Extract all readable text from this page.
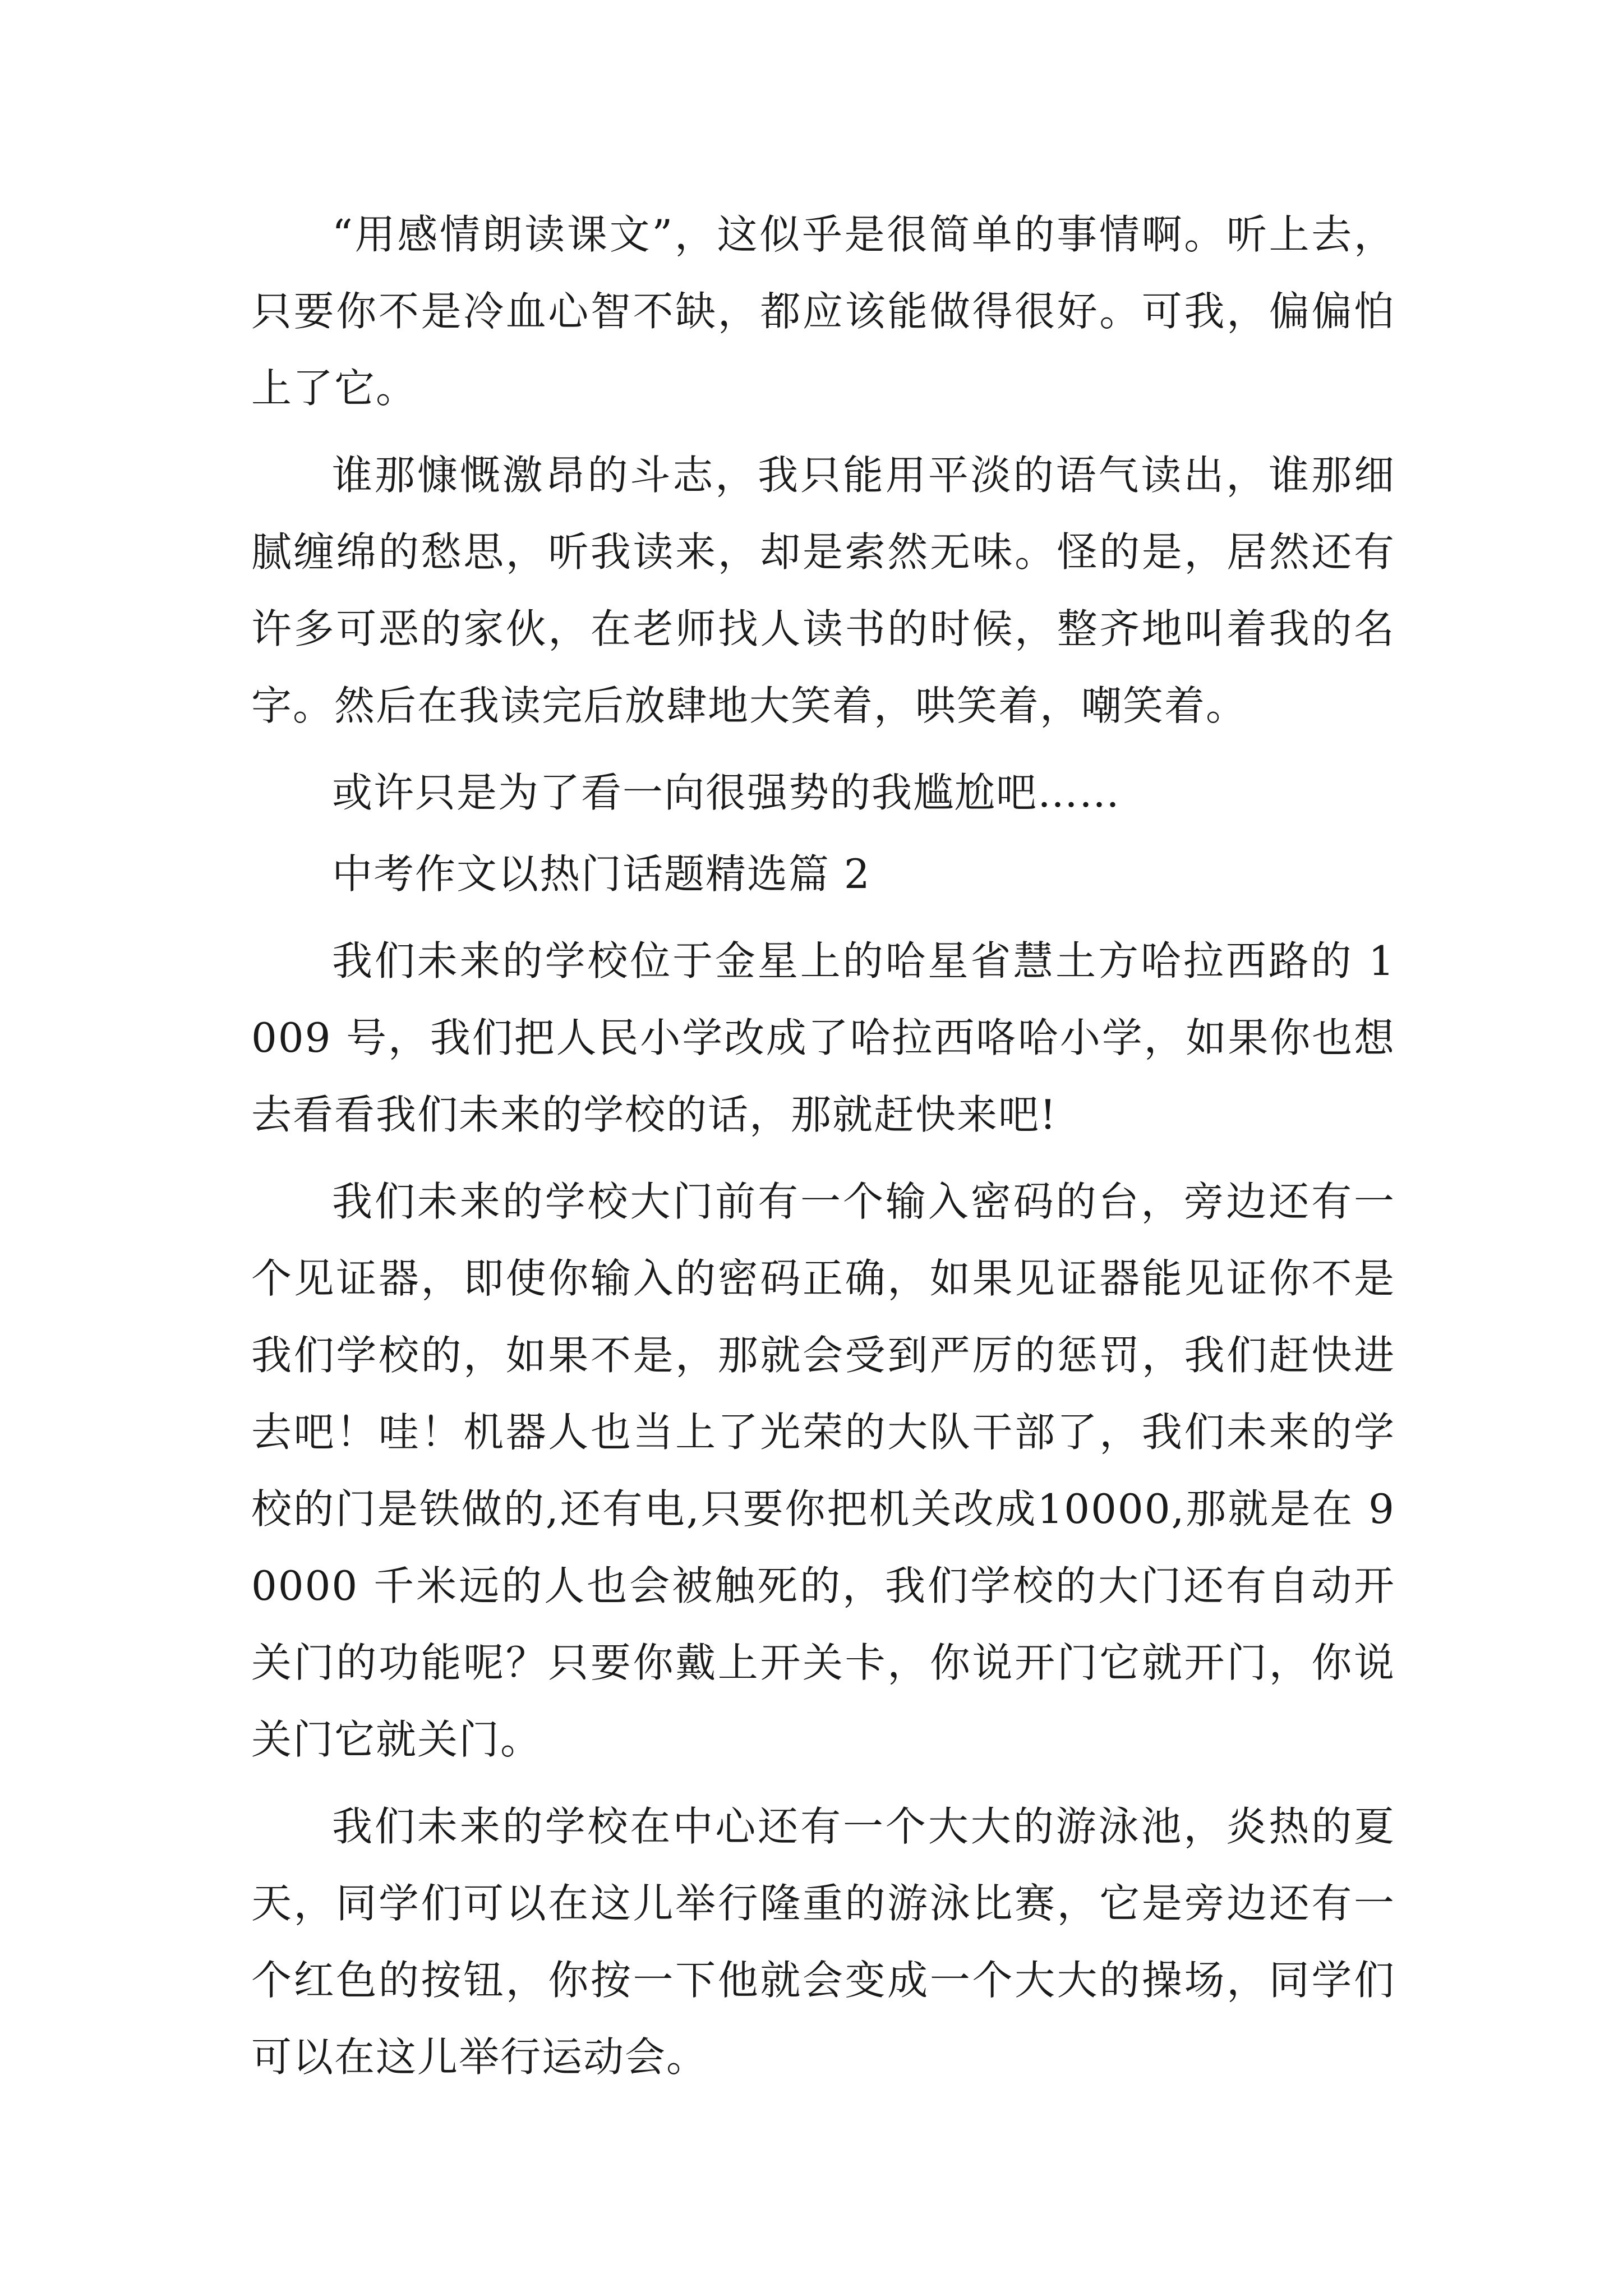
“用感情朗读课文”，这似乎是很简单的事情啊。听上去，只要你不是冷血心智不缺，都应该能做得很好。可我，偏偏怕上了它。

谁那慷慨激昂的斗志，我只能用平淡的语气读出，谁那细腻缠绵的愁思，听我读来，却是索然无味。怪的是，居然还有许多可恶的家伙，在老师找人读书的时候，整齐地叫着我的名字。然后在我读完后放肆地大笑着，哄笑着，嘲笑着。

或许只是为了看一向很强势的我尴尬吧……

中考作文以热门话题精选篇 2

我们未来的学校位于金星上的哈星省慧土方哈拉西路的 1009 号，我们把人民小学改成了哈拉西咯哈小学，如果你也想去看看我们未来的学校的话，那就赶快来吧!

我们未来的学校大门前有一个输入密码的台，旁边还有一个见证器，即使你输入的密码正确，如果见证器能见证你不是我们学校的，如果不是，那就会受到严厉的惩罚，我们赶快进去吧！哇！机器人也当上了光荣的大队干部了，我们未来的学校的门是铁做的,还有电,只要你把机关改成10000,那就是在 90000 千米远的人也会被触死的，我们学校的大门还有自动开关门的功能呢？只要你戴上开关卡，你说开门它就开门，你说关门它就关门。

我们未来的学校在中心还有一个大大的游泳池，炎热的夏天，同学们可以在这儿举行隆重的游泳比赛，它是旁边还有一个红色的按钮，你按一下他就会变成一个大大的操场，同学们可以在这儿举行运动会。
